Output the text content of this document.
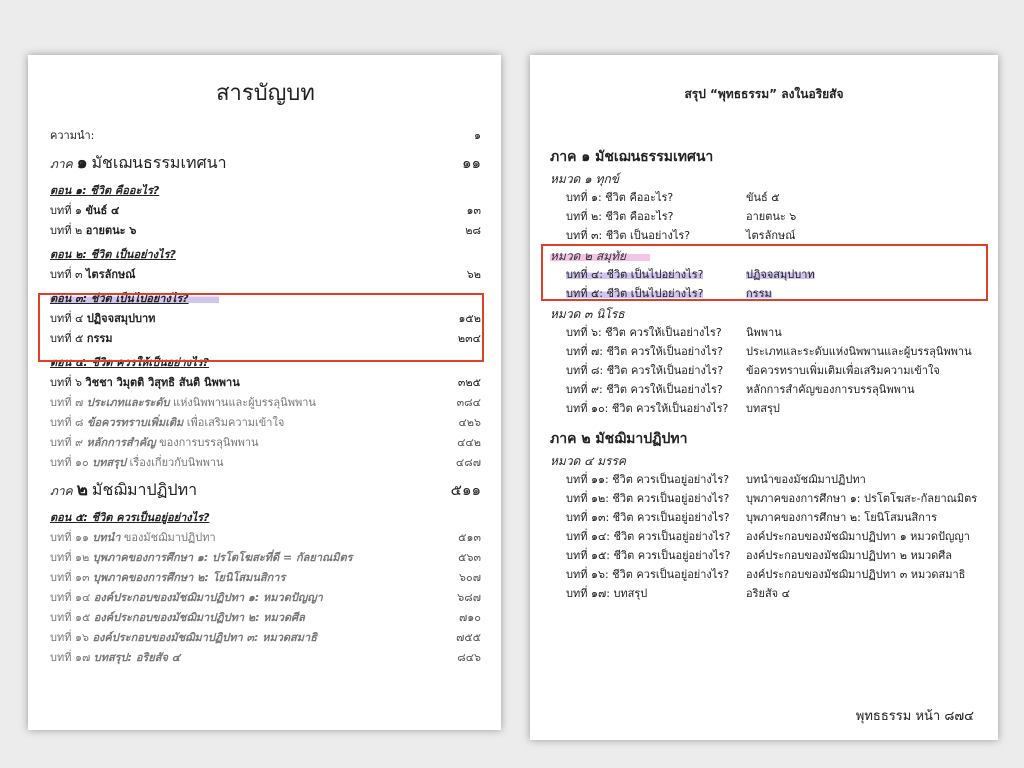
สารบัญบท
ความนำ:	๑
ภาค ๑ มัชเฌนธรรมเทศนา	๑๑
ตอน ๑: ชีวิต คืออะไร?
บทที่ ๑ ขันธ์ ๔	๑๓
บทที่ ๒ อายตนะ ๖	๒๘
ตอน ๒: ชีวิต เป็นอย่างไร?
บทที่ ๓ ไตรลักษณ์	๖๒
ตอน ๓: ชีวิต เป็นไปอย่างไร?
บทที่ ๔ ปฏิจจสมุปบาท	๑๕๒
บทที่ ๕ กรรม	๒๓๔
ตอน ๔: ชีวิต ควรให้เป็นอย่างไร?
บทที่ ๖ วิชชา วิมุตติ วิสุทธิ สันติ นิพพาน	๓๒๕
บทที่ ๗ ประเภทและระดับ แห่งนิพพานและผู้บรรลุนิพพาน	๓๘๔
บทที่ ๘ ข้อควรทราบเพิ่มเติม เพื่อเสริมความเข้าใจ	๔๒๖
บทที่ ๙ หลักการสำคัญ ของการบรรลุนิพพาน	๔๔๒
บทที่ ๑๐ บทสรุป เรื่องเกี่ยวกับนิพพาน	๔๘๗
ภาค ๒ มัชฌิมาปฏิปทา	๕๑๑
ตอน ๕: ชีวิต ควรเป็นอยู่อย่างไร?
บทที่ ๑๑ บทนำ ของมัชฌิมาปฏิปทา	๕๑๓
บทที่ ๑๒ บุพภาคของการศึกษา ๑: ปรโตโฆสะที่ดี = กัลยาณมิตร	๕๖๓
บทที่ ๑๓ บุพภาคของการศึกษา ๒: โยนิโสมนสิการ	๖๐๗
บทที่ ๑๔ องค์ประกอบของมัชฌิมาปฏิปทา ๑: หมวดปัญญา	๖๘๗
บทที่ ๑๕ องค์ประกอบของมัชฌิมาปฏิปทา ๒: หมวดศีล	๗๑๐
บทที่ ๑๖ องค์ประกอบของมัชฌิมาปฏิปทา ๓: หมวดสมาธิ	๗๕๕
บทที่ ๑๗ บทสรุป: อริยสัจ ๔	๘๔๖
สรุป “พุทธธรรม” ลงในอริยสัจ
ภาค ๑ มัชเฌนธรรมเทศนา
หมวด ๑ ทุกข์
บทที่ ๑: ชีวิต คืออะไร?	ขันธ์ ๕
บทที่ ๒: ชีวิต คืออะไร?	อายตนะ ๖
บทที่ ๓: ชีวิต เป็นอย่างไร?	ไตรลักษณ์
หมวด ๒ สมุทัย
บทที่ ๔: ชีวิต เป็นไปอย่างไร?	ปฏิจจสมุปบาท
บทที่ ๕: ชีวิต เป็นไปอย่างไร?	กรรม
หมวด ๓ นิโรธ
บทที่ ๖: ชีวิต ควรให้เป็นอย่างไร?	นิพพาน
บทที่ ๗: ชีวิต ควรให้เป็นอย่างไร?	ประเภทและระดับแห่งนิพพานและผู้บรรลุนิพพาน
บทที่ ๘: ชีวิต ควรให้เป็นอย่างไร?	ข้อควรทราบเพิ่มเติมเพื่อเสริมความเข้าใจ
บทที่ ๙: ชีวิต ควรให้เป็นอย่างไร?	หลักการสำคัญของการบรรลุนิพพาน
บทที่ ๑๐: ชีวิต ควรให้เป็นอย่างไร?	บทสรุป
ภาค ๒ มัชฌิมาปฏิปทา
หมวด ๔ มรรค
บทที่ ๑๑: ชีวิต ควรเป็นอยู่อย่างไร?	บทนำของมัชฌิมาปฏิปทา
บทที่ ๑๒: ชีวิต ควรเป็นอยู่อย่างไร?	บุพภาคของการศึกษา ๑: ปรโตโฆสะ-กัลยาณมิตร
บทที่ ๑๓: ชีวิต ควรเป็นอยู่อย่างไร?	บุพภาคของการศึกษา ๒: โยนิโสมนสิการ
บทที่ ๑๔: ชีวิต ควรเป็นอยู่อย่างไร?	องค์ประกอบของมัชฌิมาปฏิปทา ๑ หมวดปัญญา
บทที่ ๑๕: ชีวิต ควรเป็นอยู่อย่างไร?	องค์ประกอบของมัชฌิมาปฏิปทา ๒ หมวดศีล
บทที่ ๑๖: ชีวิต ควรเป็นอยู่อย่างไร?	องค์ประกอบของมัชฌิมาปฏิปทา ๓ หมวดสมาธิ
บทที่ ๑๗: บทสรุป	อริยสัจ ๔
พุทธธรรม หน้า ๘๗๔
